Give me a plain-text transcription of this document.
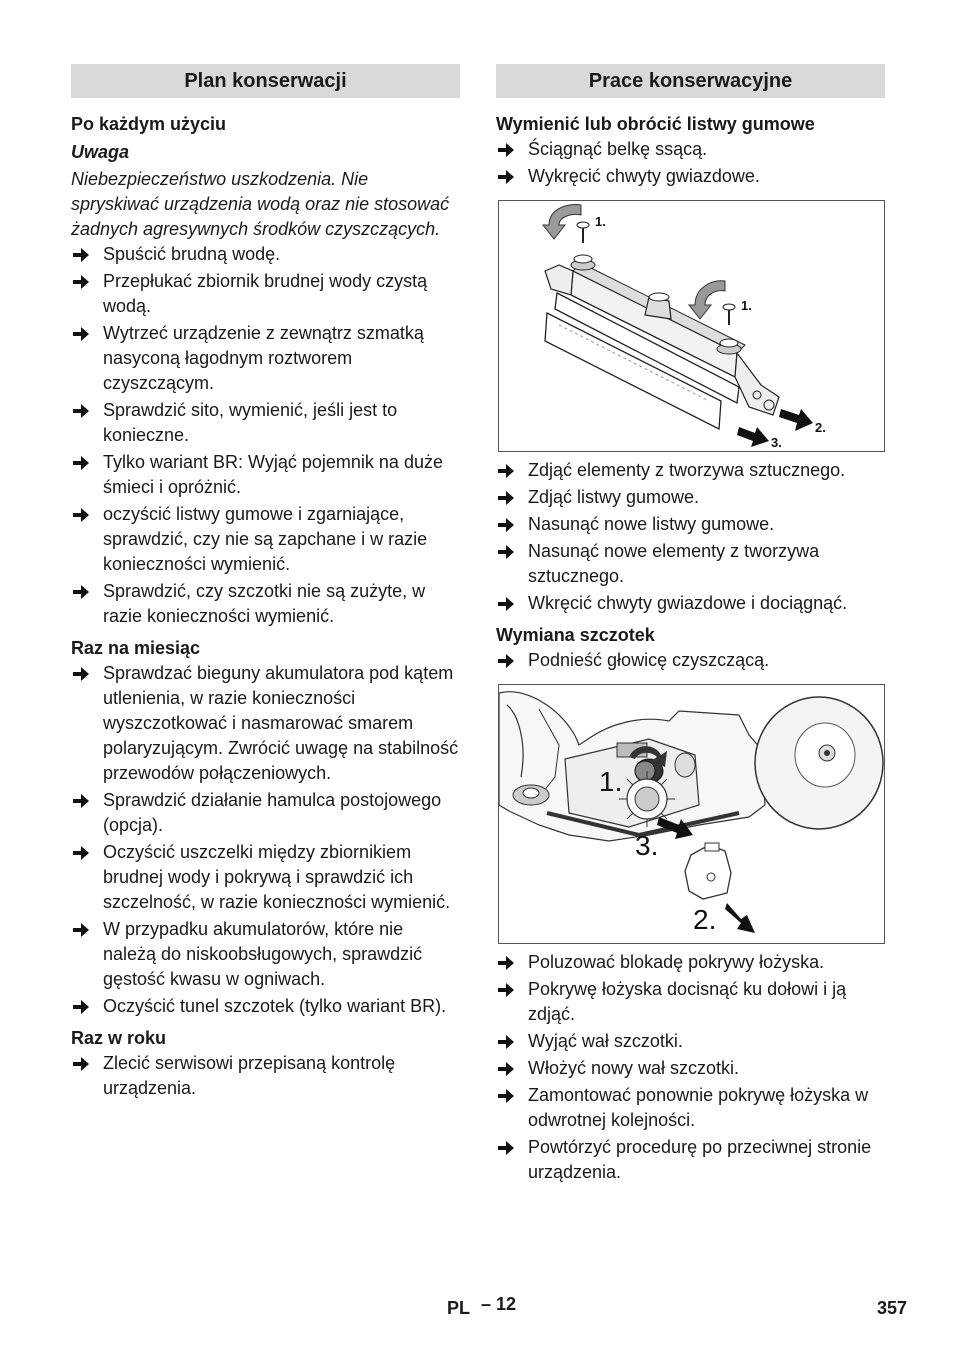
Plan konserwacji
Po każdym użyciu
Uwaga

Niebezpieczeństwo uszkodzenia. Nie spryskiwać urządzenia wodą oraz nie stosować żadnych agresywnych środków czyszczących.

Spuścić brudną wodę.
Przepłukać zbiornik brudnej wody czystą wodą.
Wytrzeć urządzenie z zewnątrz szmatką nasyconą łagodnym roztworem czyszczącym.
Sprawdzić sito, wymienić, jeśli jest to konieczne.
Tylko wariant BR: Wyjąć pojemnik na duże śmieci i opróżnić.
oczyścić listwy gumowe i zgarniające, sprawdzić, czy nie są zapchane i w razie konieczności wymienić.
Sprawdzić, czy szczotki nie są zużyte, w razie konieczności wymienić.
Raz na miesiąc
Sprawdzać bieguny akumulatora pod kątem utlenienia, w razie konieczności wyszczotkować i nasmarować smarem polaryzującym. Zwrócić uwagę na stabilność przewodów połączeniowych.
Sprawdzić działanie hamulca postojowego (opcja).
Oczyścić uszczelki między zbiornikiem brudnej wody i pokrywą i sprawdzić ich szczelność, w razie konieczności wymienić.
W przypadku akumulatorów, które nie należą do niskoobsługowych, sprawdzić gęstość kwasu w ogniwach.
Oczyścić tunel szczotek (tylko wariant BR).
Raz w roku
Zlecić serwisowi przepisaną kontrolę urządzenia.
Prace konserwacyjne
Wymienić lub obrócić listwy gumowe
Ściągnąć belkę ssącą.
Wykręcić chwyty gwiazdowe.
1.
1.
2.
3.
Zdjąć elementy z tworzywa sztucznego.
Zdjąć listwy gumowe.
Nasunąć nowe listwy gumowe.
Nasunąć nowe elementy z tworzywa sztucznego.
Wkręcić chwyty gwiazdowe i dociągnąć.
Wymiana szczotek
Podnieść głowicę czyszczącą.
1.
3.
2.
Poluzować blokadę pokrywy łożyska.
Pokrywę łożyska docisnąć ku dołowi i ją zdjąć.
Wyjąć wał szczotki.
Włożyć nowy wał szczotki.
Zamontować ponownie pokrywę łożyska w odwrotnej kolejności.
Powtórzyć procedurę po przeciwnej stronie urządzenia.
PL – 12	357
